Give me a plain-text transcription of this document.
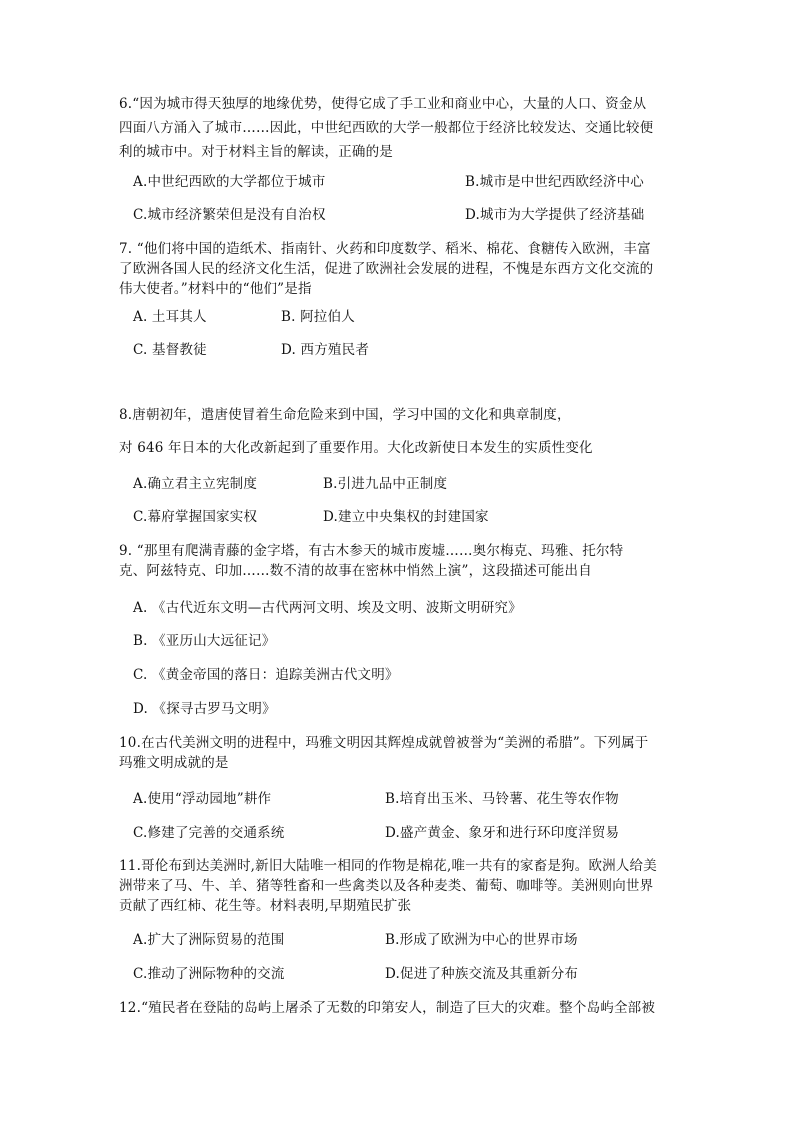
6.“因为城市得天独厚的地缘优势，使得它成了手工业和商业中心，大量的人口、资金从
四面八方涌入了城市……因此，中世纪西欧的大学一般都位于经济比较发达、交通比较便
利的城市中。对于材料主旨的解读，正确的是
A.中世纪西欧的大学都位于城市	B.城市是中世纪西欧经济中心
C.城市经济繁荣但是没有自治权	D.城市为大学提供了经济基础
7. “他们将中国的造纸术、指南针、火药和印度数学、稻米、棉花、食糖传入欧洲，丰富
了欧洲各国人民的经济文化生活，促进了欧洲社会发展的进程，不愧是东西方文化交流的
伟大使者。”材料中的“他们”是指
A. 土耳其人	B. 阿拉伯人
C. 基督教徒	D. 西方殖民者
8.唐朝初年，遣唐使冒着生命危险来到中国，学习中国的文化和典章制度，
对 646 年日本的大化改新起到了重要作用。大化改新使日本发生的实质性变化
A.确立君主立宪制度	B.引进九品中正制度
C.幕府掌握国家实权	D.建立中央集权的封建国家
9. “那里有爬满青藤的金字塔，有古木参天的城市废墟……奥尔梅克、玛雅、托尔特
克、阿兹特克、印加……数不清的故事在密林中悄然上演”，这段描述可能出自
A. 《古代近东文明—古代两河文明、埃及文明、波斯文明研究》
B. 《亚历山大远征记》
C. 《黄金帝国的落日：追踪美洲古代文明》
D. 《探寻古罗马文明》
10.在古代美洲文明的进程中，玛雅文明因其辉煌成就曾被誉为“美洲的希腊”。下列属于
玛雅文明成就的是
A.使用“浮动园地”耕作	B.培育出玉米、马铃薯、花生等农作物
C.修建了完善的交通系统	D.盛产黄金、象牙和进行环印度洋贸易
11.哥伦布到达美洲时,新旧大陆唯一相同的作物是棉花,唯一共有的家畜是狗。欧洲人给美
洲带来了马、牛、羊、猪等牲畜和一些禽类以及各种麦类、葡萄、咖啡等。美洲则向世界
贡献了西红柿、花生等。材料表明,早期殖民扩张
A.扩大了洲际贸易的范围	B.形成了欧洲为中心的世界市场
C.推动了洲际物种的交流	D.促进了种族交流及其重新分布
12.“殖民者在登陆的岛屿上屠杀了无数的印第安人，制造了巨大的灾难。整个岛屿全部被
